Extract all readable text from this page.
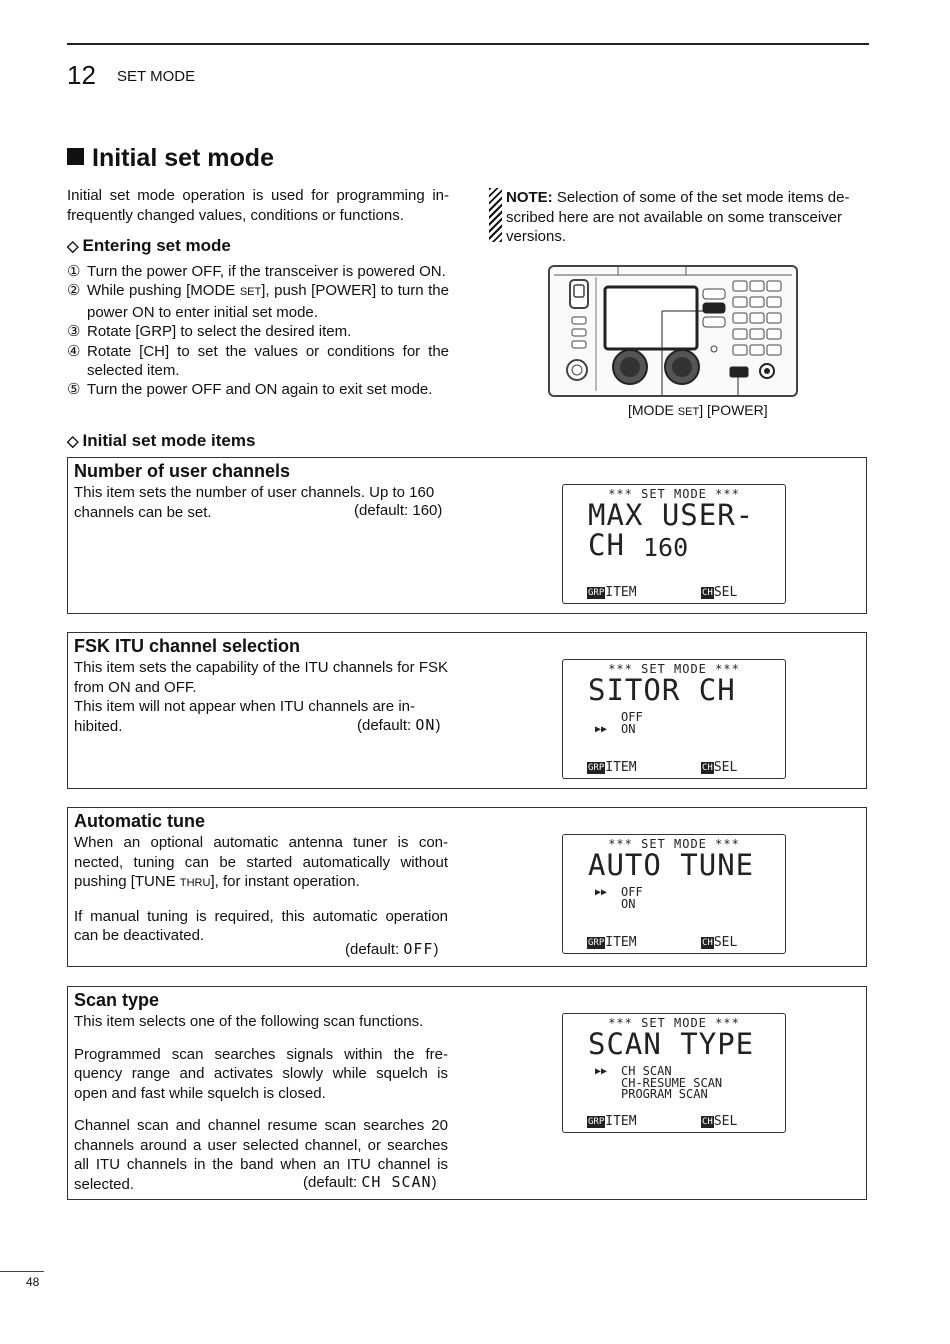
12 SET MODE
Initial set mode
Initial set mode operation is used for programming in-frequently changed values, conditions or functions.
◇ Entering set mode
① Turn the power OFF, if the transceiver is powered ON.
② While pushing [MODE SET], push [POWER] to turn the power ON to enter initial set mode.
③ Rotate [GRP] to select the desired item.
④ Rotate [CH] to set the values or conditions for the selected item.
⑤ Turn the power OFF and ON again to exit set mode.
NOTE: Selection of some of the set mode items de-scribed here are not available on some transceiver versions.
[MODE SET] [POWER]
◇ Initial set mode items
Number of user channels

This item sets the number of user channels. Up to 160 channels can be set.	(default: 160)
*** SET MODE ***
MAX USER-CH 160
GRPITEM	CHSEL
FSK ITU channel selection

This item sets the capability of the ITU channels for FSK from ON and OFF.

This item will not appear when ITU channels are in-hibited.	(default: ON)
*** SET MODE ***
SITOR CH
OFF
▶▶ ON
GRPITEM	CHSEL
Automatic tune

When an optional automatic antenna tuner is con-nected, tuning can be started automatically without pushing [TUNE THRU], for instant operation.

If manual tuning is required, this automatic operation can be deactivated.

(default: OFF)
*** SET MODE ***
AUTO TUNE
▶▶ OFF
ON
GRPITEM	CHSEL
Scan type

This item selects one of the following scan functions.

Programmed scan searches signals within the fre-quency range and activates slowly while squelch is open and fast while squelch is closed.

Channel scan and channel resume scan searches 20 channels around a user selected channel, or searches all ITU channels in the band when an ITU channel is selected.	(default: CH SCAN)
*** SET MODE ***
SCAN TYPE
▶▶ CH SCAN
CH-RESUME SCAN
PROGRAM SCAN
GRPITEM	CHSEL
48
